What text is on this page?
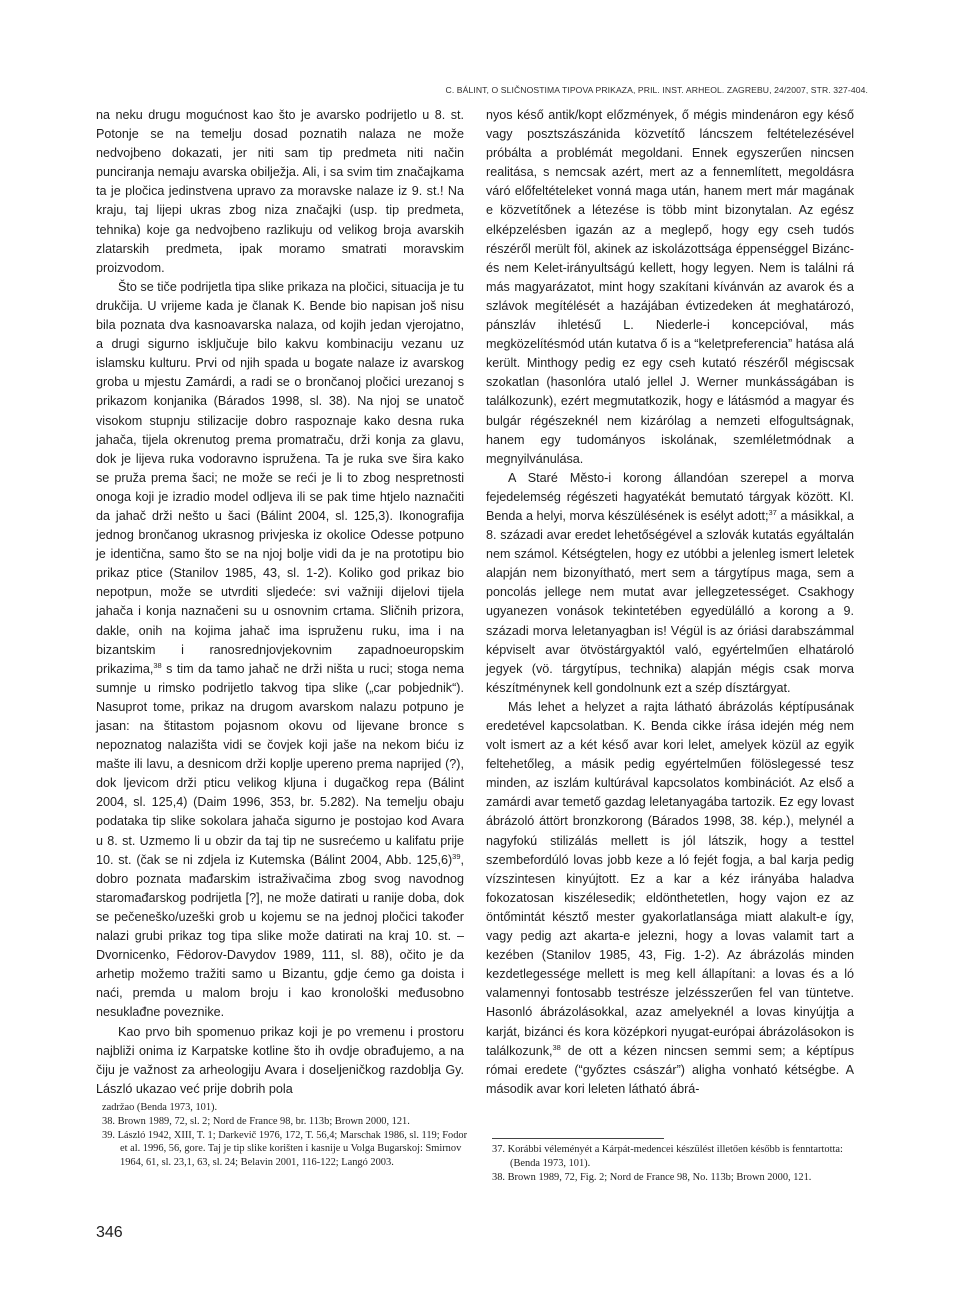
C. BÁLINT, O SLIČNOSTIMA TIPOVA PRIKAZA, PRIL. INST. ARHEOL. ZAGREBU, 24/2007, STR. 327-404.

na neku drugu mogućnost kao što je avarsko podrijetlo u 8. st. Potonje se na temelju dosad poznatih nalaza ne može nedvojbeno dokazati, jer niti sam tip predmeta niti način punciranja nemaju avarska obilježja. Ali, i sa svim tim značajkama ta je pločica jedinstvena upravo za moravske nalaze iz 9. st.! Na kraju, taj lijepi ukras zbog niza značajki (usp. tip predmeta, tehnika) koje ga nedvojbeno razlikuju od velikog broja avarskih zlatarskih predmeta, ipak moramo smatrati moravskim proizvodom.

Što se tiče podrijetla tipa slike prikaza na pločici, situacija je tu drukčija. U vrijeme kada je članak K. Bende bio napisan još nisu bila poznata dva kasnoavarska nalaza, od kojih jedan vjerojatno, a drugi sigurno isključuje bilo kakvu kombinaciju vezanu uz islamsku kulturu. Prvi od njih spada u bogate nalaze iz avarskog groba u mjestu Zamárdi, a radi se o brončanoj pločici urezanoj s prikazom konjanika (Bárados 1998, sl. 38). Na njoj se unatoč visokom stupnju stilizacije dobro raspoznaje kako desna ruka jahača, tijela okrenutog prema promatraču, drži konja za glavu, dok je lijeva ruka vodoravno ispružena. Ta je ruka sve šira kako se pruža prema šaci; ne može se reći je li to zbog nespretnosti onoga koji je izradio model odljeva ili se pak time htjelo naznačiti da jahač drži nešto u šaci (Bálint 2004, sl. 125,3). Ikonografija jednog brončanog ukrasnog privjeska iz okolice Odesse potpuno je identična, samo što se na njoj bolje vidi da je na prototipu bio prikaz ptice (Stanilov 1985, 43, sl. 1-2). Koliko god prikaz bio nepotpun, može se utvrditi sljedeće: svi važniji dijelovi tijela jahača i konja naznačeni su u osnovnim crtama. Sličnih prizora, dakle, onih na kojima jahač ima ispruženu ruku, ima i na bizantskim i ranosrednjovjekovnim zapadnoeuropskim prikazima,$^{38}$ s tim da tamo jahač ne drži ništa u ruci; stoga nema sumnje u rimsko podrijetlo takvog tipa slike („car pobjednik“). Nasuprot tome, prikaz na drugom avarskom nalazu potpuno je jasan: na štitastom pojasnom okovu od lijevane bronce s nepoznatog nalazišta vidi se čovjek koji jaše na nekom biću iz mašte ili lavu, a desnicom drži koplje upereno prema naprijed (?), dok ljevicom drži pticu velikog kljuna i dugačkog repa (Bálint 2004, sl. 125,4) (Daim 1996, 353, br. 5.282). Na temelju obaju podataka tip slike sokolara jahača sigurno je postojao kod Avara u 8. st. Uzmemo li u obzir da taj tip ne susrećemo u kalifatu prije 10. st. (čak se ni zdjela iz Kutemska (Bálint 2004, Abb. 125,6)$^{39}$, dobro poznata mađarskim istraživačima zbog svog navodnog staromađarskog podrijetla [?], ne može datirati u ranije doba, dok se pečeneško/uzeški grob u kojemu se na jednoj pločici također nalazi grubi prikaz tog tipa slike može datirati na kraj 10. st. – Dvornicenko, Fëdorov-Davydov 1989, 111, sl. 88), očito je da arhetip možemo tražiti samo u Bizantu, gdje ćemo ga doista i naći, premda u malom broju i kao kronološki međusobno nesuklađne poveznike.

Kao prvo bih spomenuo prikaz koji je po vremenu i prostoru najbliži onima iz Karpatske kotline što ih ovdje obrađujemo, a na čiju je važnost za arheologiju Avara i doseljeničkog razdoblja Gy. László ukazao već prije dobrih pola

nyos késő antik/kopt előzmények, ő mégis mindenáron egy késő vagy posztszászánida közvetítő láncszem feltételezésével próbálta a problémát megoldani. Ennek egyszerűen nincsen realitása, s nemcsak azért, mert az a fennemlített, megoldásra váró előfeltételeket vonná maga után, hanem mert már magának e közvetítőnek a létezése is több mint bizonytalan. Az egész elképzelésben igazán az a meglepő, hogy egy cseh tudós részéről merült föl, akinek az iskolázottsága éppenséggel Bizánc- és nem Kelet-irányultságú kellett, hogy legyen. Nem is találni rá más magyarázatot, mint hogy szakítani kívánván az avarok és a szlávok megítélését a hazájában évtizedeken át meghatározó, pánszláv ihletésű L. Niederle-i koncepcióval, más megközelítésmód után kutatva ő is a “keletpreferencia” hatása alá került. Minthogy pedig ez egy cseh kutató részéről mégiscsak szokatlan (hasonlóra utaló jellel J. Werner munkásságában is találkozunk), ezért megmutatkozik, hogy e látásmód a magyar és bulgár régészeknél nem kizárólag a nemzeti elfogultságnak, hanem egy tudományos iskolának, szemléletmódnak a megnyilvánulása.

A Staré Město-i korong állandóan szerepel a morva fejedelemség régészeti hagyatékát bemutató tárgyak között. Kl. Benda a helyi, morva készülésének is esélyt adott;$^{37}$ a másikkal, a 8. századi avar eredet lehetőségével a szlovák kutatás egyáltalán nem számol. Kétségtelen, hogy ez utóbbi a jelenleg ismert leletek alapján nem bizonyítható, mert sem a tárgytípus maga, sem a poncolás jellege nem mutat avar jellegzetességet. Csakhogy ugyanezen vonások tekintetében egyedülálló a korong a 9. századi morva leletanyagban is! Végül is az óriási darabszámmal képviselt avar ötvöstárgyaktól való, egyértelműen elhatároló jegyek (vö. tárgytípus, technika) alapján mégis csak morva készítménynek kell gondolnunk ezt a szép dísztárgyat.

Más lehet a helyzet a rajta látható ábrázolás képtípusának eredetével kapcsolatban. K. Benda cikke írása idején még nem volt ismert az a két késő avar kori lelet, amelyek közül az egyik feltehetőleg, a másik pedig egyértelműen fölöslegessé tesz minden, az iszlám kultúrával kapcsolatos kombinációt. Az első a zamárdi avar temető gazdag leletanyagába tartozik. Ez egy lovast ábrázoló áttört bronzkorong (Bárados 1998, 38. kép.), melynél a nagyfokú stilizálás mellett is jól látszik, hogy a testtel szembefordúló lovas jobb keze a ló fejét fogja, a bal karja pedig vízszintesen kinyújtott. Ez a kar a kéz irányába haladva fokozatosan kiszélesedik; eldönthetetlen, hogy vajon ez az öntőmintát késztő mester gyakorlatlansága miatt alakult-e így, vagy pedig azt akarta-e jelezni, hogy a lovas valamit tart a kezében (Stanilov 1985, 43, Fig. 1-2). Az ábrázolás minden kezdetlegessége mellett is meg kell állapítani: a lovas és a ló valamennyi fontosabb testrésze jelzésszerűen fel van tüntetve. Hasonló ábrázolásokkal, azaz amelyeknél a lovas kinyújtja a karját, bizánci és kora középkori nyugat-európai ábrázolásokon is találkozunk,$^{38}$ de ott a kézen nincsen semmi sem; a képtípus római eredete (“győztes császár”) aligha vonható kétségbe. A második avar kori leleten látható ábrá-

zadržao (Benda 1973, 101).
38. Brown 1989, 72, sl. 2; Nord de France 98, br. 113b; Brown 2000, 121.
39. László 1942, XIII, T. 1; Darkevič 1976, 172, T. 56,4; Marschak 1986, sl. 119; Fodor et al. 1996, 56, gore. Taj je tip slike korišten i kasnije u Volga Bugarskoj: Smirnov 1964, 61, sl. 23,1, 63, sl. 24; Belavin 2001, 116-122; Langó 2003.
37. Korábbi véleményét a Kárpát-medencei készülést illetően később is fenntartotta: (Benda 1973, 101).
38. Brown 1989, 72, Fig. 2; Nord de France 98, No. 113b; Brown 2000, 121.
346
